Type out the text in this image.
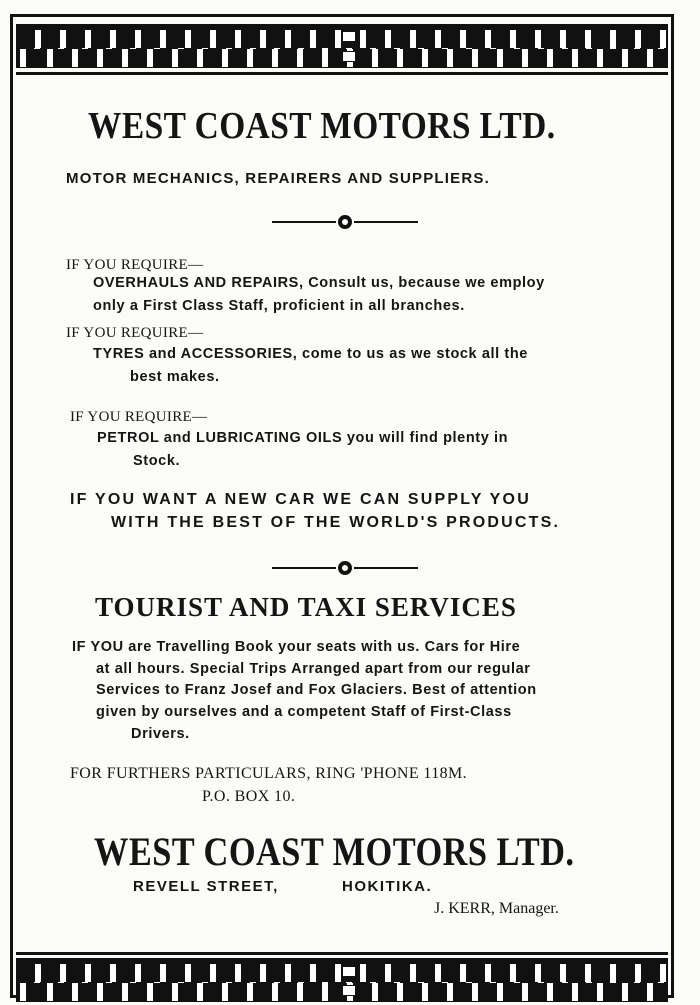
WEST COAST MOTORS LTD.
MOTOR MECHANICS, REPAIRERS AND SUPPLIERS.
IF YOU REQUIRE—
OVERHAULS AND REPAIRS, Consult us, because we employ
only a First Class Staff, proficient in all branches.
IF YOU REQUIRE—
TYRES and ACCESSORIES, come to us as we stock all the
best makes.
IF YOU REQUIRE—
PETROL and LUBRICATING OILS you will find plenty in
Stock.
IF YOU WANT A NEW CAR WE CAN SUPPLY YOU
WITH THE BEST OF THE WORLD'S PRODUCTS.
TOURIST AND TAXI SERVICES
IF YOU are Travelling Book your seats with us. Cars for Hire
at all hours. Special Trips Arranged apart from our regular
Services to Franz Josef and Fox Glaciers. Best of attention
given by ourselves and a competent Staff of First-Class
Drivers.
FOR FURTHERS PARTICULARS, RING 'PHONE 118M.
P.O. BOX 10.
WEST COAST MOTORS LTD.
REVELL STREET,	HOKITIKA.
J. KERR, Manager.
